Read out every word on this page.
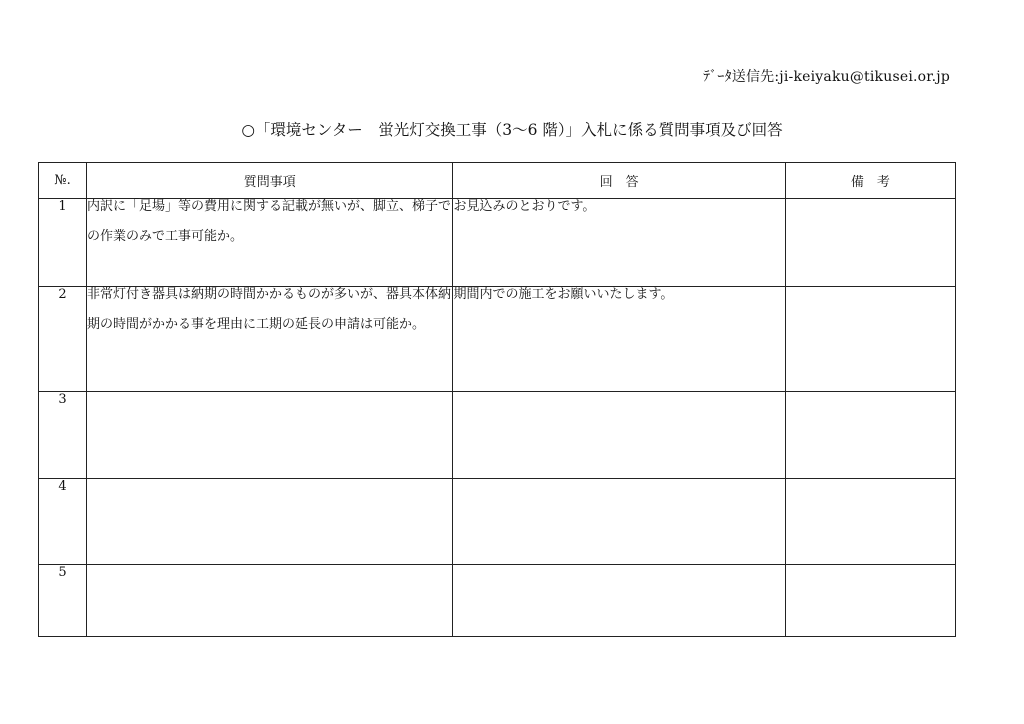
ﾃﾞｰﾀ送信先:ji-keiyaku@tikusei.or.jp
○「環境センター　蛍光灯交換工事（3～6 階）」入札に係る質問事項及び回答
№.	質問事項	回　答	備　考
1	内訳に「足場」等の費用に関する記載が無いが、脚立、梯子での作業のみで工事可能か。	お見込みのとおりです。	

2	非常灯付き器具は納期の時間かかるものが多いが、器具本体納期の時間がかかる事を理由に工期の延長の申請は可能か。	期間内での施工をお願いいたします。	

3			
4			
5			
